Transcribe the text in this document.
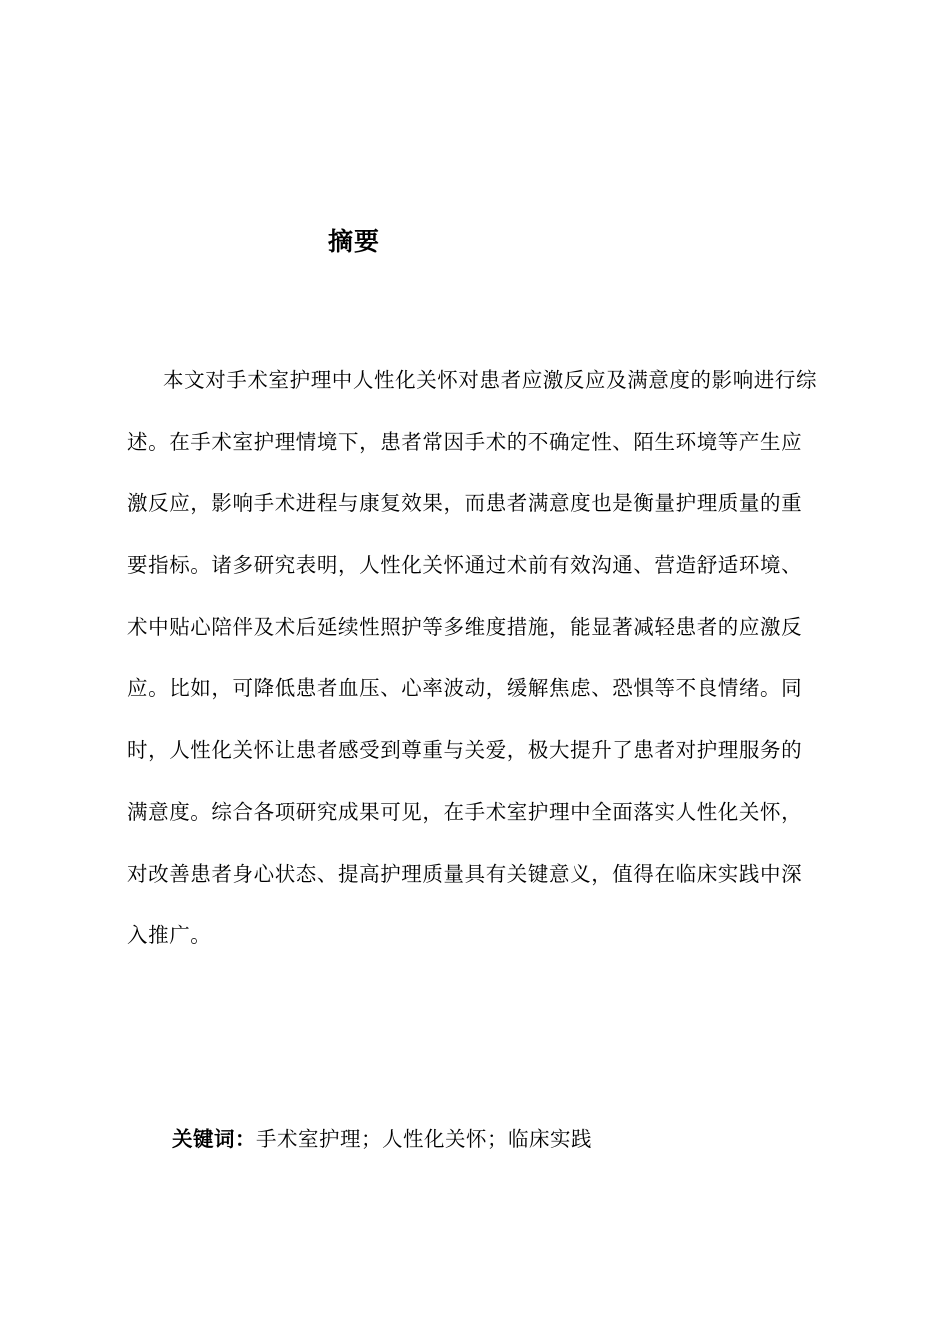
摘要
本文对手术室护理中人性化关怀对患者应激反应及满意度的影响进行综
述。在手术室护理情境下，患者常因手术的不确定性、陌生环境等产生应
激反应，影响手术进程与康复效果，而患者满意度也是衡量护理质量的重
要指标。诸多研究表明，人性化关怀通过术前有效沟通、营造舒适环境、
术中贴心陪伴及术后延续性照护等多维度措施，能显著减轻患者的应激反
应。比如，可降低患者血压、心率波动，缓解焦虑、恐惧等不良情绪。同
时，人性化关怀让患者感受到尊重与关爱，极大提升了患者对护理服务的
满意度。综合各项研究成果可见，在手术室护理中全面落实人性化关怀，
对改善患者身心状态、提高护理质量具有关键意义，值得在临床实践中深
入推广。
关键词：手术室护理；人性化关怀；临床实践
